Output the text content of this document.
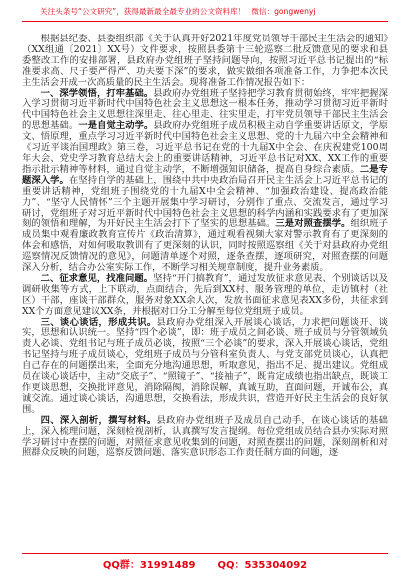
关注头条号“公文研究”，获得最新最全最专业的公文资料库！ 微信：gongwenyj

根据县纪委、县委组织部《关于认真开好2021年度党员领导干部民主生活会的通知》（XX组通〔2021〕XX号）文件要求，按照县委第十三轮巡察二批反馈意见的要求和县委整改工作的安排部署，县政府办党组班子坚持问题导向，按照习近平总书记提出的“标准要求高、尺子要严得严、功夫要下深”的要求，做实做细各项准备工作，力争把本次民主生活会开成一次高质量的民主生活会。现将准备工作情况报告如下：

一、深学领悟，打牢基础。县政府办党组班子坚持把学习教育贯彻始终，牢牢把握深入学习贯彻习近平新时代中国特色社会主义思想这一根本任务，推动学习贯彻习近平新时代中国特色社会主义思想往深里走、往心里走、往实里走，打牢党员领导干部民主生活会的思想基础。一是自觉主动学。县政府办党组班子成员积极主动自学重要讲话原文，学原文、悟原理，重点学习习近平新时代中国特色社会主义思想、党的十九届六中全会精神和《习近平谈治国理政》第三卷，习近平总书记在党的十九届X中全会、在庆祝建党100周年大会、党史学习教育总结大会上的重要讲话精神，习近平总书记对XX、XX工作的重要指示批示精神等材料，通过自觉主动学，不断增强知识储备，提高自身综合素质。二是专题深入学。在坚持自学的基础上，围绕中共中央政治局召开民主生活会上习近平总书记的重要讲话精神，党组班子围绕党的十九届X中全会精神、“加强政治建设、提高政治能力”、“坚守人民情怀”三个主题开展集中学习研讨，分别作了重点、交流发言，通过学习研讨，党组班子对习近平新时代中国特色社会主义思想的科学内涵和实践要求有了更加深刻的领悟和理解，为开好民主生活会打下了坚实的思想基础。三是对照查摆学。组织班子成员集中观看廉政教育宣传片《政治清算》，通过观看视频大家对警示教育有了更深刻的体会和感悟，对如何吸取教训有了更深刻的认识，同时按照巡察组《关于对县政府办党组巡察情况反馈情况的意见》，问题清单逐个对照，逐条查摆，逐项研究，对照查摆的问题深入分析，结合办公室实际工作，不断学习相关规章制度，提升业务素质。

二、征求意见，找准问题。坚持“开门搞教育”，通过发放征求意见表、个别谈话以及调研收集等方式，上下联动，点面结合，先后到XX村、服务管理的单位，走访镇村（社区）干部，座谈干部群众，服务对象XX余人次，发放书面征求意见表XX多份，共征求到XX个方面意见建议XX条，并根据对口分工分解至每位党组班子成员。

三、谈心谈话，形成共识。县政府办党组深入开展谈心谈话，力求把问题谈开、谈实，思想和认识统一。坚持“四个必谈”，即：班子成员之间必谈、班子成员与分管领域负责人必谈、党组书记与班子成员必谈，按照“三个必谈”的要求，深入开展谈心谈话，党组书记坚持与班子成员谈心，党组班子成员与分管科室负责人、与党支部党员谈心，认真把自己存在的问题摆出来，全面充分地沟通思想，听取意见，指出不足、提出建议。党组成员在谈心谈话中，主动“交底子”、“照镜子”、“接袖子”，既肯定成绩也指出缺点，既谈工作更谈思想，交换批评意见，消除隔阂，消除误解，真诚互助，直面问题，开诚布公，真诚交流。通过谈心谈话，沟通思想，交换看法，形成共识，营造开好民主生活会的良好氛围。

四、深入剖析，撰写材料。县政府办党组班子及成员自己动手，在谈心谈话的基础上，深入梳理问题，深刻检视剖析，认真撰写发言提纲。每位党组成员结合县办实际对照学习研讨中查摆的问题，对照征求意见收集到的问题，对照查摆出的问题，深刻剖析和对照群众反映的问题，巡察反馈问题、落实意识形态工作责任制方面的问题，逐

QQ群：31991489 QQ：535304092
